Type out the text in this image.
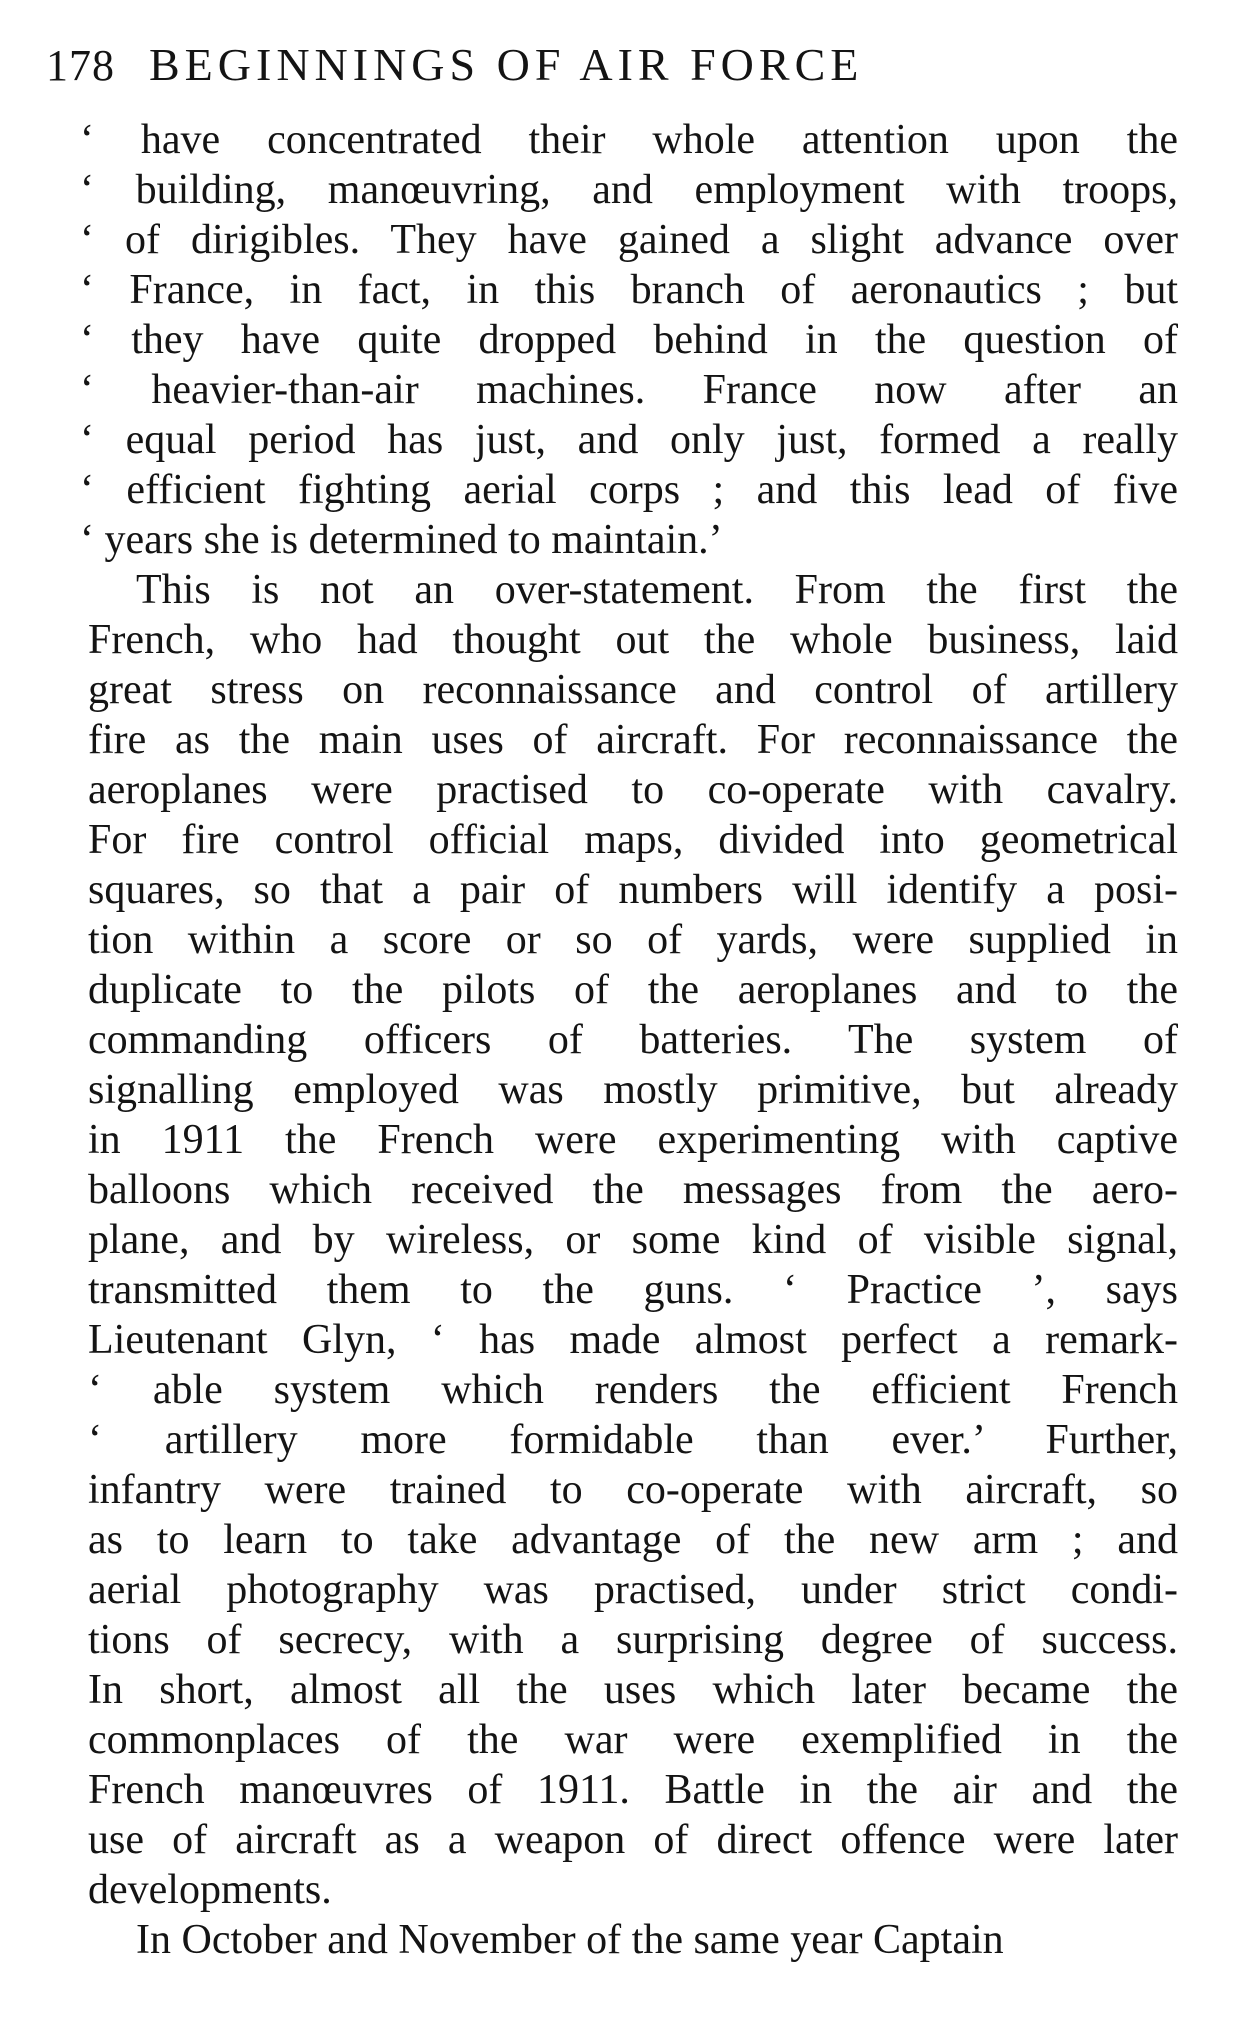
178 BEGINNINGS OF AIR FORCE
‘ have concentrated their whole attention upon the
‘ building, manœuvring, and employment with troops,
‘ of dirigibles. They have gained a slight advance over
‘ France, in fact, in this branch of aeronautics ; but
‘ they have quite dropped behind in the question of
‘ heavier-than-air machines. France now after an
‘ equal period has just, and only just, formed a really
‘ efficient fighting aerial corps ; and this lead of five
‘ years she is determined to maintain.’
This is not an over-statement. From the first the
French, who had thought out the whole business, laid
great stress on reconnaissance and control of artillery
fire as the main uses of aircraft. For reconnaissance the
aeroplanes were practised to co-operate with cavalry.
For fire control official maps, divided into geometrical
squares, so that a pair of numbers will identify a posi-
tion within a score or so of yards, were supplied in
duplicate to the pilots of the aeroplanes and to the
commanding officers of batteries. The system of
signalling employed was mostly primitive, but already
in 1911 the French were experimenting with captive
balloons which received the messages from the aero-
plane, and by wireless, or some kind of visible signal,
transmitted them to the guns. ‘ Practice ’, says
Lieutenant Glyn, ‘ has made almost perfect a remark-
‘ able system which renders the efficient French
‘ artillery more formidable than ever.’ Further,
infantry were trained to co-operate with aircraft, so
as to learn to take advantage of the new arm ; and
aerial photography was practised, under strict condi-
tions of secrecy, with a surprising degree of success.
In short, almost all the uses which later became the
commonplaces of the war were exemplified in the
French manœuvres of 1911. Battle in the air and the
use of aircraft as a weapon of direct offence were later
developments.
In October and November of the same year Captain
